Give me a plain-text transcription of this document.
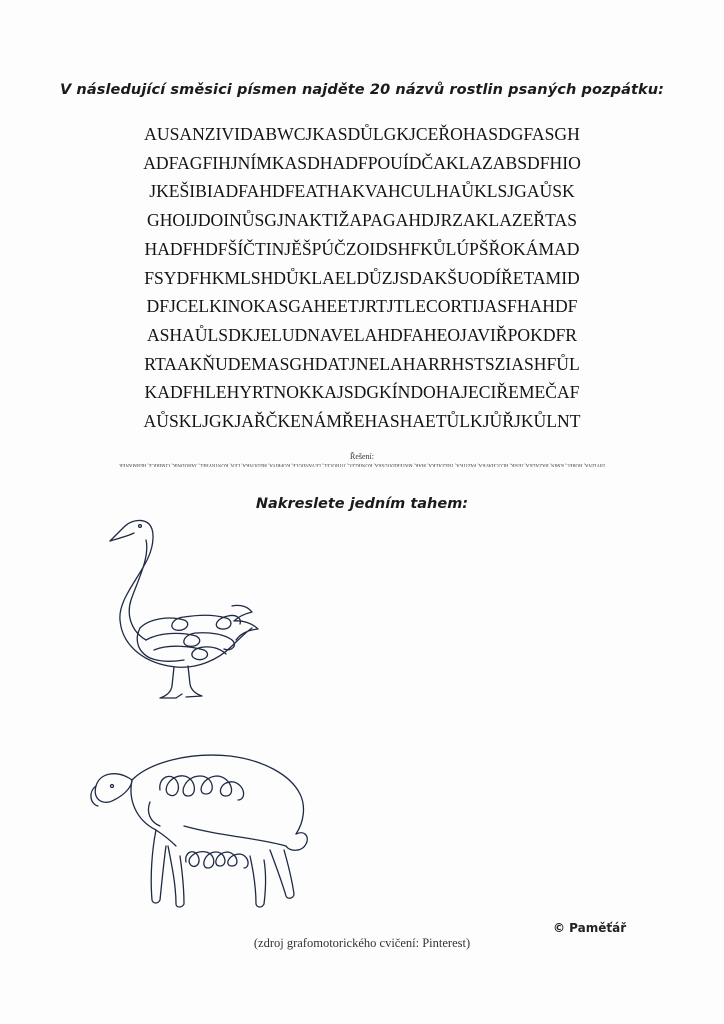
V následující směsici písmen najděte 20 názvů rostlin psaných pozpátku:
AUSANZIVIDABWCJKASDŮLGKJCEŘOHASDGFASGH
ADFAGFIHJNÍMKASDHADFPOUÍDČAKLAZABSDFHIO
JKEŠIBIADFAHDFEATHAKVAHCULHAŮKLSJGAŮSK
GHOIJDOINŮSGJNAKTIŽAPAGAHDJRZAKLAZEŘTAS
HADFHDFŠÍČTINJĚŠPÚČZOIDSHFKŮLÚPŠŘOKÁMAD
FSYDFHKMLSHDŮKLAELDŮZJSDAKŠUODÍŘETAMID
DFJCELKINOKASGAHEETJRTJTLECORTIJASFHAHDF
ASHAŮLSDKJELUDNAVELAHDFAHEOJAVIŘPOKDFR
RTAAKŇUDEMASGHDATJNELAHARRHSTSZIASHFŮL
KADFHLEHYRTNOKKAJSDGKÍNDOHAJECIŘEMEČAF
AŮSKLJGKJAŘČKENÁMŘEHASHAETŮLKJŮŘJKŮLNT
Řešení:
DIVIZNA, HOŘEC, KMÍN, BAZALKA, JEŠIK, HLUCHAVKA, PAŽITKA, TŘEZALKA, MÁK, MATEŘIDOUŠKA, KONIKLEC, JITROCEL, LEVANDULE, KOPŘIVA, MEDUŇKA, LEN, KONTRYHEL, JAHODNÍK, ČIMIŘICE, HEŘMÁNEK
Nakreslete jedním tahem:
© Paměťář
(zdroj grafomotorického cvičení: Pinterest)
